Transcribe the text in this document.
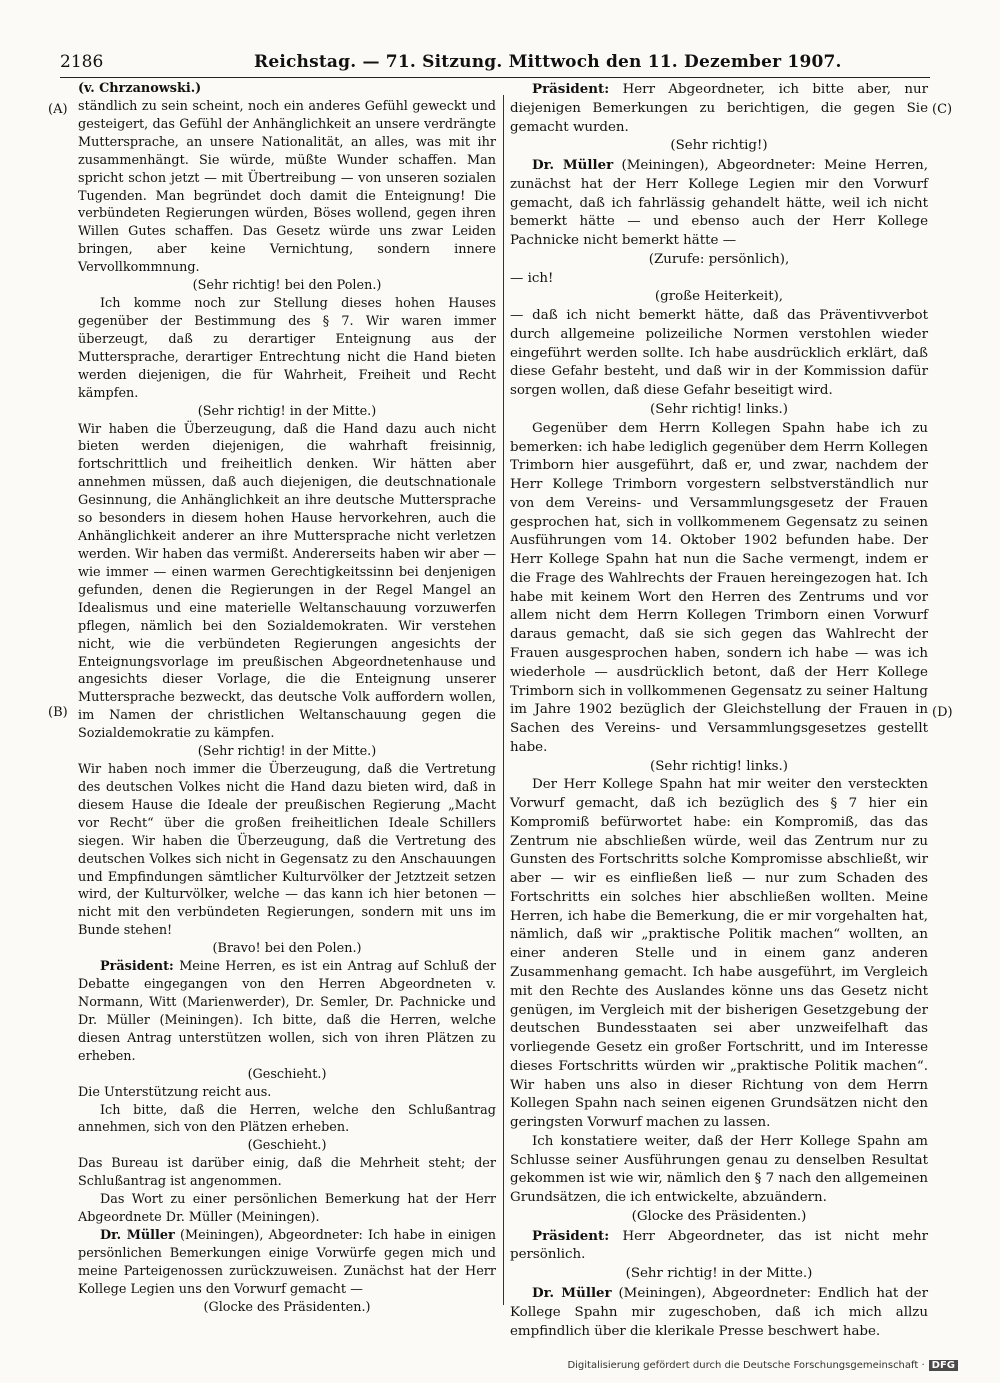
2186	Reichstag. — 71. Sitzung. Mittwoch den 11. Dezember 1907.
(A)
(B)
(C)
(D)

(v. Chrzanowski.)

ständlich zu sein scheint, noch ein anderes Gefühl geweckt und gesteigert, das Gefühl der Anhänglichkeit an unsere verdrängte Muttersprache, an unsere Nationalität, an alles, was mit ihr zusammenhängt. Sie würde, müßte Wunder schaffen. Man spricht schon jetzt — mit Übertreibung — von unseren sozialen Tugenden. Man begründet doch damit die Enteignung! Die verbündeten Regierungen würden, Böses wollend, gegen ihren Willen Gutes schaffen. Das Gesetz würde uns zwar Leiden bringen, aber keine Vernichtung, sondern innere Vervollkommnung.

(Sehr richtig! bei den Polen.)

Ich komme noch zur Stellung dieses hohen Hauses gegenüber der Bestimmung des § 7. Wir waren immer überzeugt, daß zu derartiger Enteignung aus der Muttersprache, derartiger Entrechtung nicht die Hand bieten werden diejenigen, die für Wahrheit, Freiheit und Recht kämpfen.

(Sehr richtig! in der Mitte.)

Wir haben die Überzeugung, daß die Hand dazu auch nicht bieten werden diejenigen, die wahrhaft freisinnig, fortschrittlich und freiheitlich denken. Wir hätten aber annehmen müssen, daß auch diejenigen, die deutschnationale Gesinnung, die Anhänglichkeit an ihre deutsche Muttersprache so besonders in diesem hohen Hause hervorkehren, auch die Anhänglichkeit anderer an ihre Muttersprache nicht verletzen werden. Wir haben das vermißt. Andererseits haben wir aber — wie immer — einen warmen Gerechtigkeitssinn bei denjenigen gefunden, denen die Regierungen in der Regel Mangel an Idealismus und eine materielle Weltanschauung vorzuwerfen pflegen, nämlich bei den Sozialdemokraten. Wir verstehen nicht, wie die verbündeten Regierungen angesichts der Enteignungsvorlage im preußischen Abgeordnetenhause und angesichts dieser Vorlage, die die Enteignung unserer Muttersprache bezweckt, das deutsche Volk auffordern wollen, im Namen der christlichen Weltanschauung gegen die Sozialdemokratie zu kämpfen.

(Sehr richtig! in der Mitte.)

Wir haben noch immer die Überzeugung, daß die Vertretung des deutschen Volkes nicht die Hand dazu bieten wird, daß in diesem Hause die Ideale der preußischen Regierung „Macht vor Recht“ über die großen freiheitlichen Ideale Schillers siegen. Wir haben die Überzeugung, daß die Vertretung des deutschen Volkes sich nicht in Gegensatz zu den Anschauungen und Empfindungen sämtlicher Kulturvölker der Jetztzeit setzen wird, der Kulturvölker, welche — das kann ich hier betonen — nicht mit den verbündeten Regierungen, sondern mit uns im Bunde stehen!

(Bravo! bei den Polen.)

Präsident: Meine Herren, es ist ein Antrag auf Schluß der Debatte eingegangen von den Herren Abgeordneten v. Normann, Witt (Marienwerder), Dr. Semler, Dr. Pachnicke und Dr. Müller (Meiningen). Ich bitte, daß die Herren, welche diesen Antrag unterstützen wollen, sich von ihren Plätzen zu erheben.

(Geschieht.)

Die Unterstützung reicht aus.

Ich bitte, daß die Herren, welche den Schlußantrag annehmen, sich von den Plätzen erheben.

(Geschieht.)

Das Bureau ist darüber einig, daß die Mehrheit steht; der Schlußantrag ist angenommen.

Das Wort zu einer persönlichen Bemerkung hat der Herr Abgeordnete Dr. Müller (Meiningen).

Dr. Müller (Meiningen), Abgeordneter: Ich habe in einigen persönlichen Bemerkungen einige Vorwürfe gegen mich und meine Parteigenossen zurückzuweisen. Zunächst hat der Herr Kollege Legien uns den Vorwurf gemacht —

(Glocke des Präsidenten.)

Präsident: Herr Abgeordneter, ich bitte aber, nur diejenigen Bemerkungen zu berichtigen, die gegen Sie gemacht wurden.

(Sehr richtig!)

Dr. Müller (Meiningen), Abgeordneter: Meine Herren, zunächst hat der Herr Kollege Legien mir den Vorwurf gemacht, daß ich fahrlässig gehandelt hätte, weil ich nicht bemerkt hätte — und ebenso auch der Herr Kollege Pachnicke nicht bemerkt hätte —

(Zurufe: persönlich),

— ich!

(große Heiterkeit),

— daß ich nicht bemerkt hätte, daß das Präventivverbot durch allgemeine polizeiliche Normen verstohlen wieder eingeführt werden sollte. Ich habe ausdrücklich erklärt, daß diese Gefahr besteht, und daß wir in der Kommission dafür sorgen wollen, daß diese Gefahr beseitigt wird.

(Sehr richtig! links.)

Gegenüber dem Herrn Kollegen Spahn habe ich zu bemerken: ich habe lediglich gegenüber dem Herrn Kollegen Trimborn hier ausgeführt, daß er, und zwar, nachdem der Herr Kollege Trimborn vorgestern selbstverständlich nur von dem Vereins- und Versammlungsgesetz der Frauen gesprochen hat, sich in vollkommenem Gegensatz zu seinen Ausführungen vom 14. Oktober 1902 befunden habe. Der Herr Kollege Spahn hat nun die Sache vermengt, indem er die Frage des Wahlrechts der Frauen hereingezogen hat. Ich habe mit keinem Wort den Herren des Zentrums und vor allem nicht dem Herrn Kollegen Trimborn einen Vorwurf daraus gemacht, daß sie sich gegen das Wahlrecht der Frauen ausgesprochen haben, sondern ich habe — was ich wiederhole — ausdrücklich betont, daß der Herr Kollege Trimborn sich in vollkommenen Gegensatz zu seiner Haltung im Jahre 1902 bezüglich der Gleichstellung der Frauen in Sachen des Vereins- und Versammlungsgesetzes gestellt habe.

(Sehr richtig! links.)

Der Herr Kollege Spahn hat mir weiter den versteckten Vorwurf gemacht, daß ich bezüglich des § 7 hier ein Kompromiß befürwortet habe: ein Kompromiß, das das Zentrum nie abschließen würde, weil das Zentrum nur zu Gunsten des Fortschritts solche Kompromisse abschließt, wir aber — wir es einfließen ließ — nur zum Schaden des Fortschritts ein solches hier abschließen wollten. Meine Herren, ich habe die Bemerkung, die er mir vorgehalten hat, nämlich, daß wir „praktische Politik machen“ wollten, an einer anderen Stelle und in einem ganz anderen Zusammenhang gemacht. Ich habe ausgeführt, im Vergleich mit den Rechte des Auslandes könne uns das Gesetz nicht genügen, im Vergleich mit der bisherigen Gesetzgebung der deutschen Bundesstaaten sei aber unzweifelhaft das vorliegende Gesetz ein großer Fortschritt, und im Interesse dieses Fortschritts würden wir „praktische Politik machen“. Wir haben uns also in dieser Richtung von dem Herrn Kollegen Spahn nach seinen eigenen Grundsätzen nicht den geringsten Vorwurf machen zu lassen.

Ich konstatiere weiter, daß der Herr Kollege Spahn am Schlusse seiner Ausführungen genau zu denselben Resultat gekommen ist wie wir, nämlich den § 7 nach den allgemeinen Grundsätzen, die ich entwickelte, abzuändern.

(Glocke des Präsidenten.)

Präsident: Herr Abgeordneter, das ist nicht mehr persönlich.

(Sehr richtig! in der Mitte.)

Dr. Müller (Meiningen), Abgeordneter: Endlich hat der Kollege Spahn mir zugeschoben, daß ich mich allzu empfindlich über die klerikale Presse beschwert habe.

Digitalisierung gefördert durch die Deutsche Forschungsgemeinschaft · DFG
